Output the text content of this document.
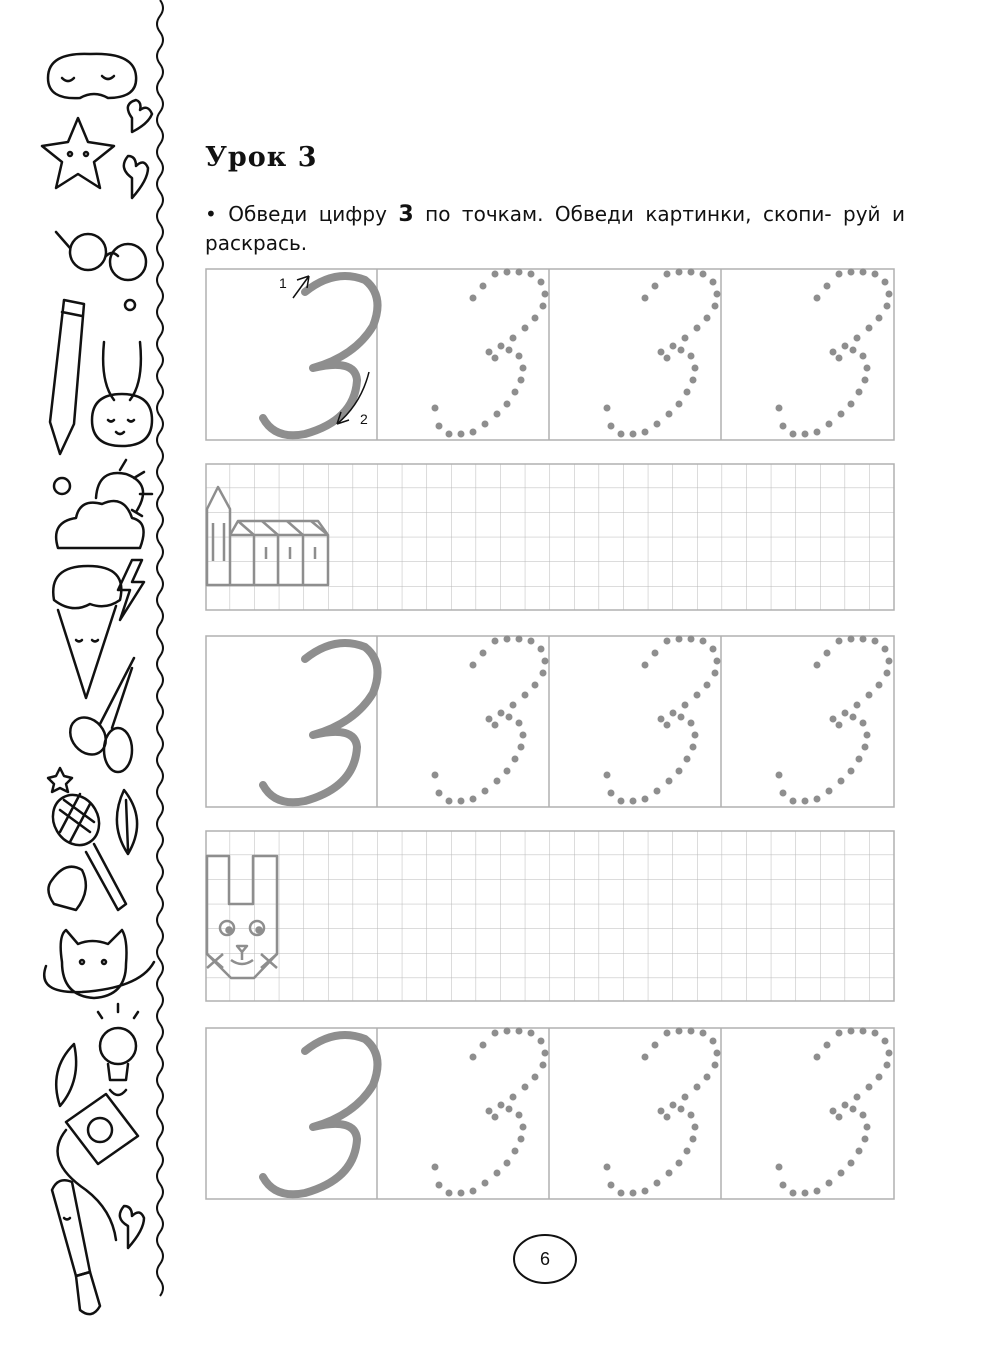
Урок 3
• Обведи цифру 3 по точкам. Обведи картинки, скопи- руй и раскрась.
1
2
6
